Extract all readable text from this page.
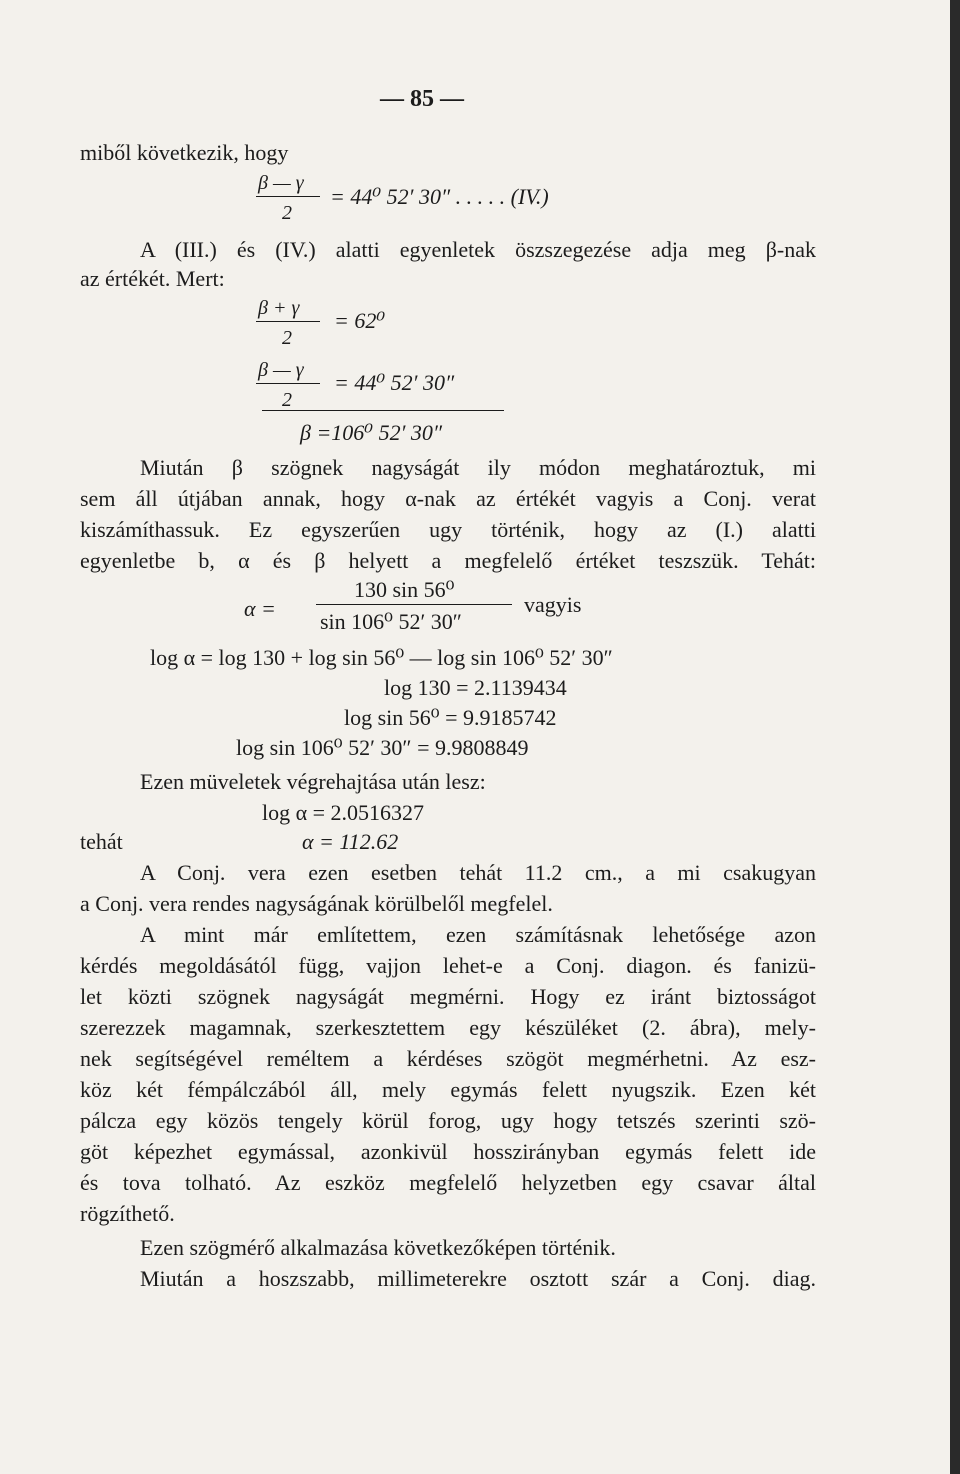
— 85 —
miből következik, hogy
β — γ
2
= 44⁰ 52′ 30″ . . . . . (IV.)
A (III.) és (IV.) alatti egyenletek öszszegezése adja meg β-nak
az értékét. Mert:
β + γ
2
= 62⁰
β — γ
2
= 44⁰ 52′ 30″
β =106⁰ 52′ 30″
Miután β szögnek nagyságát ily módon meghatároztuk, mi
sem áll útjában annak, hogy α-nak az értékét vagyis a Conj. verat
kiszámíthassuk. Ez egyszerűen ugy történik, hogy az (I.) alatti
egyenletbe b, α és β helyett a megfelelő értéket teszszük. Tehát:
α =
130 sin 56⁰
sin 106⁰ 52′ 30″
vagyis
log α = log 130 + log sin 56⁰ — log sin 106⁰ 52′ 30″
log 130 = 2.1139434
log sin 56⁰ = 9.9185742
log sin 106⁰ 52′ 30″ = 9.9808849
Ezen müveletek végrehajtása után lesz:
log α = 2.0516327
tehát	α = 112.62
A Conj. vera ezen esetben tehát 11.2 cm., a mi csakugyan
a Conj. vera rendes nagyságának körülbelől megfelel.
A mint már említettem, ezen számításnak lehetősége azon
kérdés megoldásától függ, vajjon lehet-e a Conj. diagon. és fanizü-
let közti szögnek nagyságát megmérni. Hogy ez iránt biztosságot
szerezzek magamnak, szerkesztettem egy készüléket (2. ábra), mely-
nek segítségével reméltem a kérdéses szögöt megmérhetni. Az esz-
köz két fémpálczából áll, mely egymás felett nyugszik. Ezen két
pálcza egy közös tengely körül forog, ugy hogy tetszés szerinti szö-
göt képezhet egymással, azonkivül hosszirányban egymás felett ide
és tova tolható. Az eszköz megfelelő helyzetben egy csavar által
rögzíthető.
Ezen szögmérő alkalmazása következőképen történik.
Miután a hoszszabb, millimeterekre osztott szár a Conj. diag.
